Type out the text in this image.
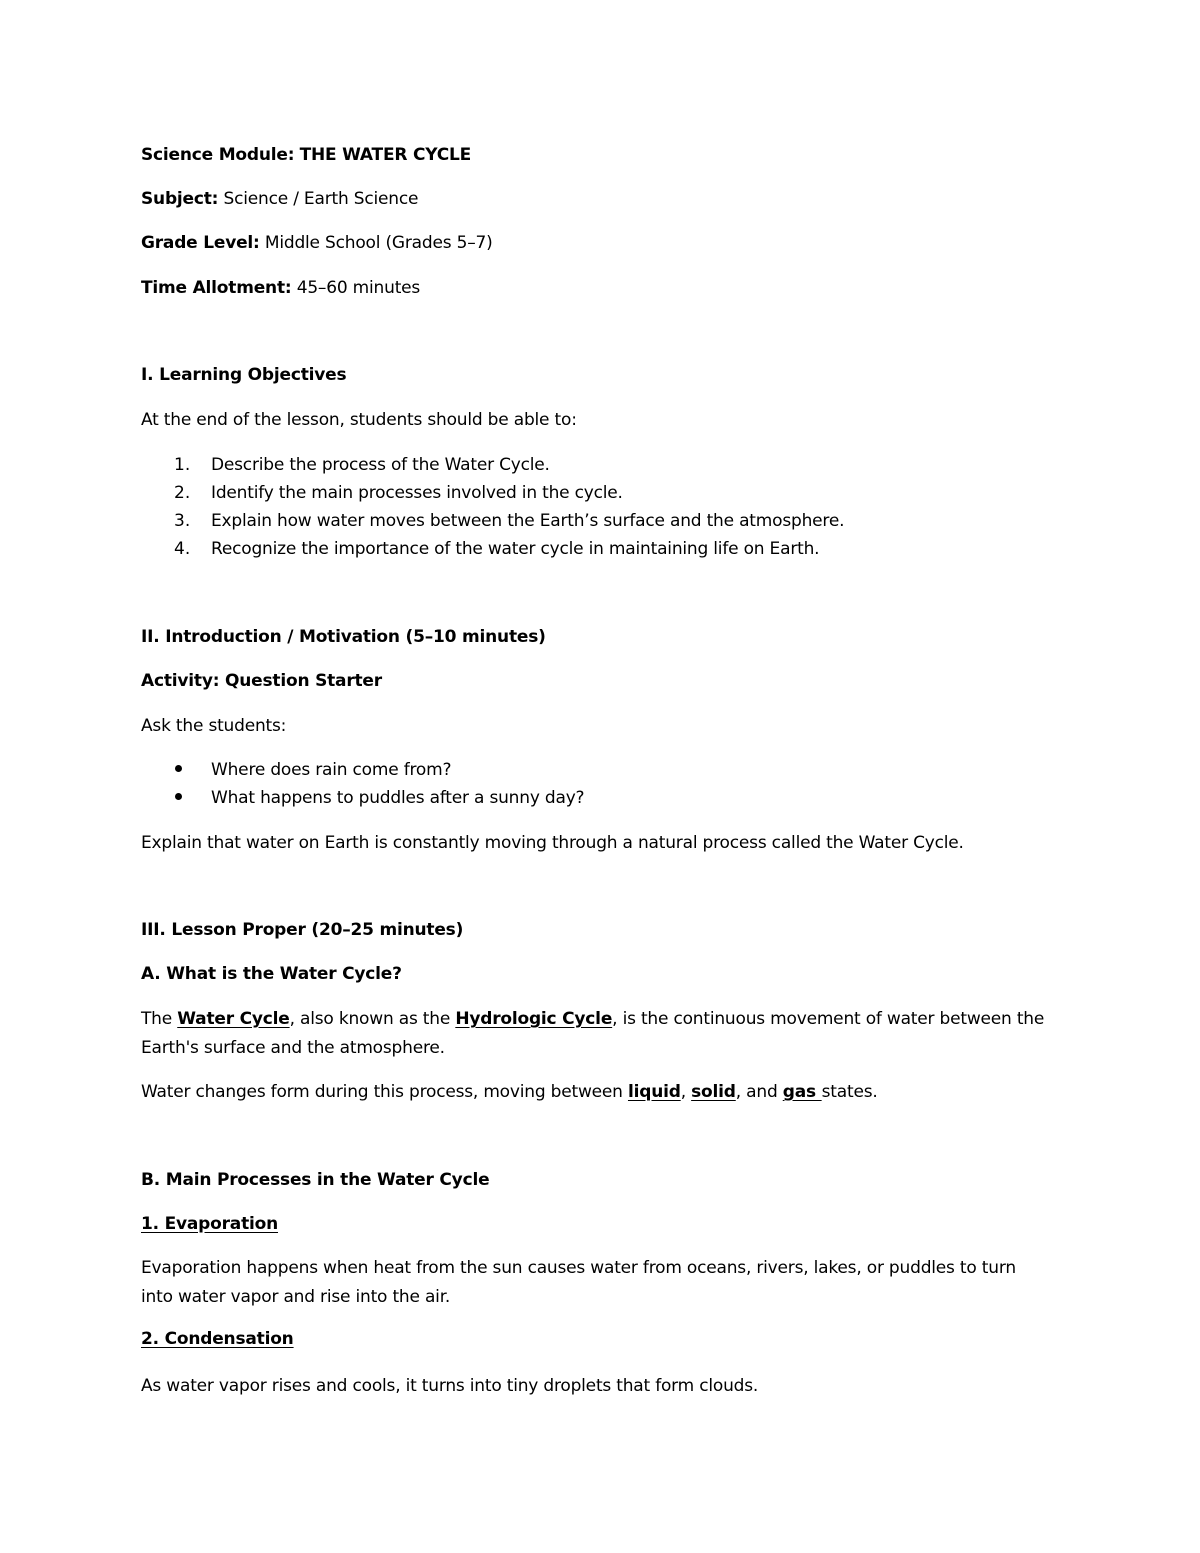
Science Module: THE WATER CYCLE
Subject: Science / Earth Science
Grade Level: Middle School (Grades 5–7)
Time Allotment: 45–60 minutes
I. Learning Objectives
At the end of the lesson, students should be able to:
1. Describe the process of the Water Cycle.
2. Identify the main processes involved in the cycle.
3. Explain how water moves between the Earth’s surface and the atmosphere.
4. Recognize the importance of the water cycle in maintaining life on Earth.
II. Introduction / Motivation (5–10 minutes)
Activity: Question Starter
Ask the students:
Where does rain come from?
What happens to puddles after a sunny day?
Explain that water on Earth is constantly moving through a natural process called the Water Cycle.
III. Lesson Proper (20–25 minutes)
A. What is the Water Cycle?
The Water Cycle, also known as the Hydrologic Cycle, is the continuous movement of water between the
Earth's surface and the atmosphere.
Water changes form during this process, moving between liquid, solid, and gas states.
B. Main Processes in the Water Cycle
1. Evaporation
Evaporation happens when heat from the sun causes water from oceans, rivers, lakes, or puddles to turn
into water vapor and rise into the air.
2. Condensation
As water vapor rises and cools, it turns into tiny droplets that form clouds.
